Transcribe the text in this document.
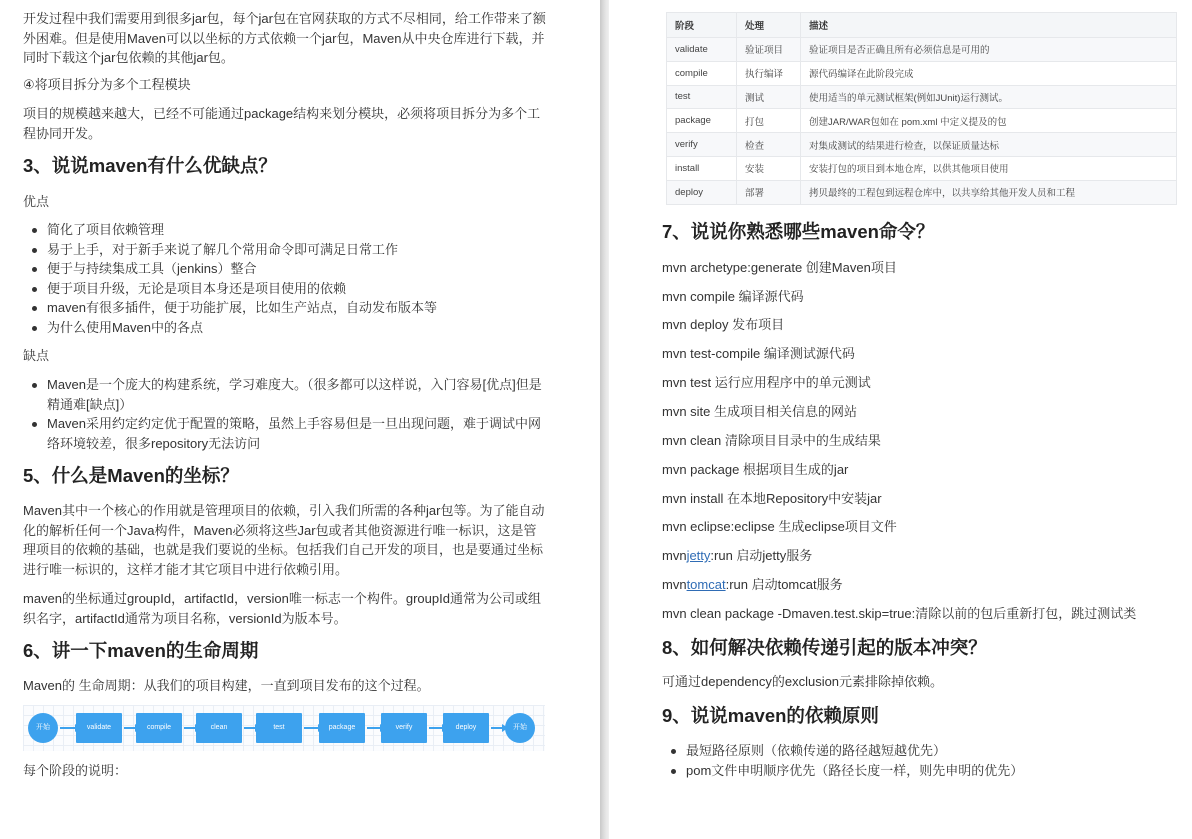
开发过程中我们需要用到很多jar包，每个jar包在官网获取的方式不尽相同，给工作带来了额外困难。但是使用Maven可以以坐标的方式依赖一个jar包，Maven从中央仓库进行下载，并同时下载这个jar包依赖的其他jar包。

④将项目拆分为多个工程模块

项目的规模越来越大，已经不可能通过package结构来划分模块，必须将项目拆分为多个工程协同开发。

3、说说maven有什么优缺点？

优点

简化了项目依赖管理
易于上手，对于新手来说了解几个常用命令即可满足日常工作
便于与持续集成工具（jenkins）整合
便于项目升级，无论是项目本身还是项目使用的依赖
maven有很多插件，便于功能扩展，比如生产站点，自动发布版本等
为什么使用Maven中的各点

缺点

Maven是一个庞大的构建系统，学习难度大。（很多都可以这样说，入门容易[优点]但是精通难[缺点]）
Maven采用约定约定优于配置的策略，虽然上手容易但是一旦出现问题，难于调试中网络环境较差，很多repository无法访问
5、什么是Maven的坐标？

Maven其中一个核心的作用就是管理项目的依赖，引入我们所需的各种jar包等。为了能自动化的解析任何一个Java构件，Maven必须将这些Jar包或者其他资源进行唯一标识，这是管理项目的依赖的基础，也就是我们要说的坐标。包括我们自己开发的项目，也是要通过坐标进行唯一标识的，这样才能才其它项目中进行依赖引用。

maven的坐标通过groupId，artifactId，version唯一标志一个构件。groupId通常为公司或组织名字，artifactId通常为项目名称，versionId为版本号。

6、讲一下maven的生命周期

Maven的 生命周期：从我们的项目构建，一直到项目发布的这个过程。

开始	validate	compile	clean	test	package	verify	deploy	开始

每个阶段的说明：

阶段	处理	描述
validate	验证项目	验证项目是否正确且所有必须信息是可用的
compile	执行编译	源代码编译在此阶段完成
test	测试	使用适当的单元测试框架(例如JUnit)运行测试。
package	打包	创建JAR/WAR包如在 pom.xml 中定义提及的包
verify	检查	对集成测试的结果进行检查，以保证质量达标
install	安装	安装打包的项目到本地仓库，以供其他项目使用
deploy	部署	拷贝最终的工程包到远程仓库中，以共享给其他开发人员和工程
7、说说你熟悉哪些maven命令？

mvn archetype:generate 创建Maven项目

mvn compile 编译源代码

mvn deploy 发布项目

mvn test-compile 编译测试源代码

mvn test 运行应用程序中的单元测试

mvn site 生成项目相关信息的网站

mvn clean 清除项目目录中的生成结果

mvn package 根据项目生成的jar

mvn install 在本地Repository中安装jar

mvn eclipse:eclipse 生成eclipse项目文件

mvnjetty:run 启动jetty服务

mvntomcat:run 启动tomcat服务

mvn clean package -Dmaven.test.skip=true:清除以前的包后重新打包，跳过测试类

8、如何解决依赖传递引起的版本冲突？

可通过dependency的exclusion元素排除掉依赖。

9、说说maven的依赖原则
最短路径原则（依赖传递的路径越短越优先）
pom文件申明顺序优先（路径长度一样，则先申明的优先）
